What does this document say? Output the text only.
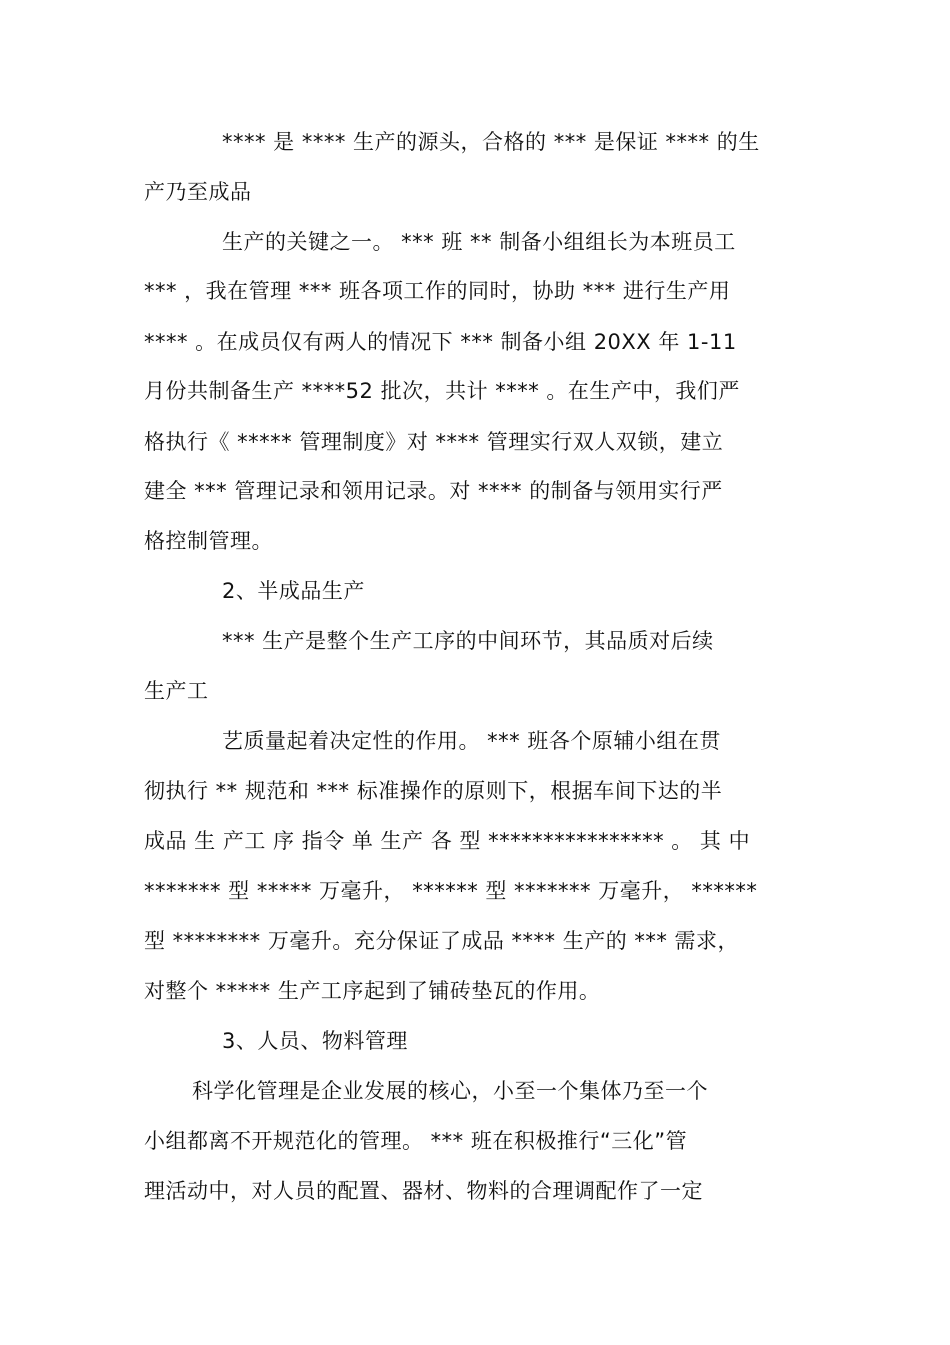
**** 是 **** 生产的源头，合格的 *** 是保证 **** 的生
产乃至成品
生产的关键之一。 *** 班 ** 制备小组组长为本班员工
*** ，我在管理 *** 班各项工作的同时，协助 *** 进行生产用
**** 。在成员仅有两人的情况下 *** 制备小组 20XX 年 1-11
月份共制备生产 ****52 批次，共计 **** 。在生产中，我们严
格执行《 ***** 管理制度》对 **** 管理实行双人双锁，建立
建全 *** 管理记录和领用记录。对 **** 的制备与领用实行严
格控制管理。
2、半成品生产
*** 生产是整个生产工序的中间环节，其品质对后续
生产工
艺质量起着决定性的作用。 *** 班各个原辅小组在贯
彻执行 ** 规范和 *** 标准操作的原则下，根据车间下达的半
成品 生 产工 序 指令 单 生产 各 型 **************** 。 其 中
******* 型 ***** 万毫升， ****** 型 ******* 万毫升， ******
型 ******** 万毫升。充分保证了成品 **** 生产的 *** 需求，
对整个 ***** 生产工序起到了铺砖垫瓦的作用。
3、人员、物料管理
科学化管理是企业发展的核心，小至一个集体乃至一个
小组都离不开规范化的管理。 *** 班在积极推行“三化”管
理活动中，对人员的配置、器材、物料的合理调配作了一定
